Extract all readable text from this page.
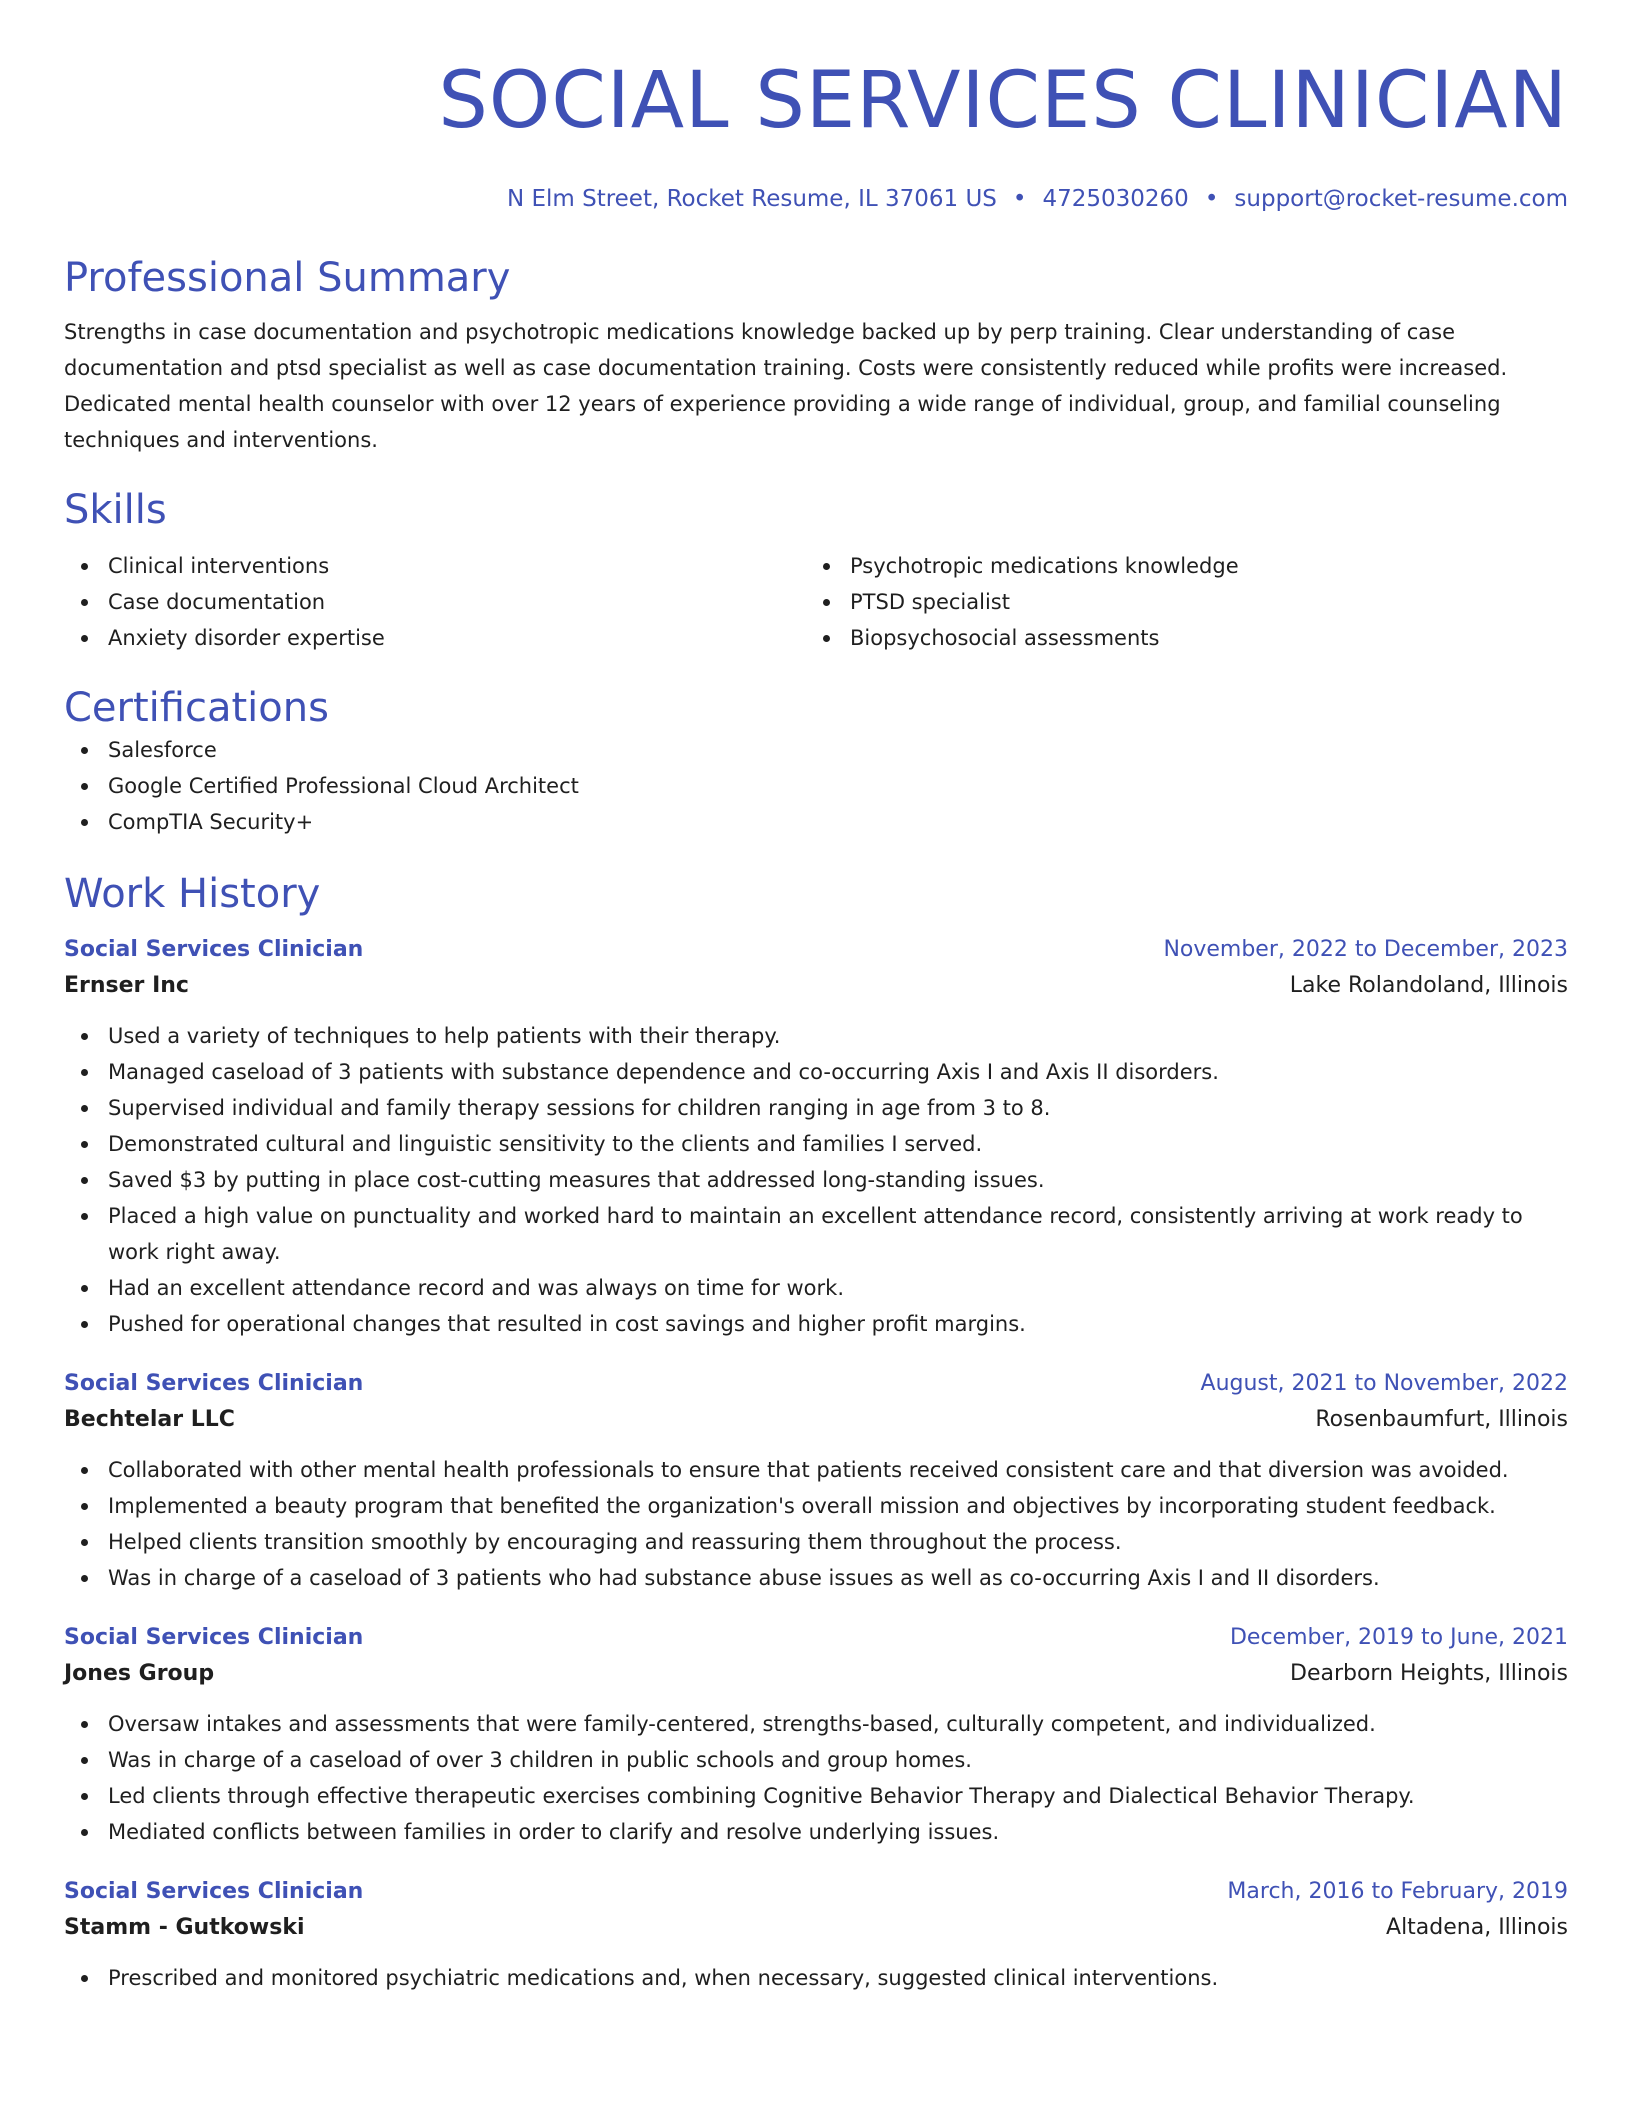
SOCIAL SERVICES CLINICIAN
N Elm Street, Rocket Resume, IL 37061 US • 4725030260 • support@rocket-resume.com
Professional Summary
Strengths in case documentation and psychotropic medications knowledge backed up by perp training. Clear understanding of case documentation and ptsd specialist as well as case documentation training. Costs were consistently reduced while profits were increased. Dedicated mental health counselor with over 12 years of experience providing a wide range of individual, group, and familial counseling techniques and interventions.
Skills
Clinical interventions
Case documentation
Anxiety disorder expertise
Psychotropic medications knowledge
PTSD specialist
Biopsychosocial assessments
Certifications
Salesforce
Google Certified Professional Cloud Architect
CompTIA Security+
Work History
Social Services Clinician	November, 2022 to December, 2023
Ernser Inc	Lake Rolandoland, Illinois
Used a variety of techniques to help patients with their therapy.
Managed caseload of 3 patients with substance dependence and co-occurring Axis I and Axis II disorders.
Supervised individual and family therapy sessions for children ranging in age from 3 to 8.
Demonstrated cultural and linguistic sensitivity to the clients and families I served.
Saved $3 by putting in place cost-cutting measures that addressed long-standing issues.
Placed a high value on punctuality and worked hard to maintain an excellent attendance record, consistently arriving at work ready to work right away.
Had an excellent attendance record and was always on time for work.
Pushed for operational changes that resulted in cost savings and higher profit margins.
Social Services Clinician	August, 2021 to November, 2022
Bechtelar LLC	Rosenbaumfurt, Illinois
Collaborated with other mental health professionals to ensure that patients received consistent care and that diversion was avoided.
Implemented a beauty program that benefited the organization's overall mission and objectives by incorporating student feedback.
Helped clients transition smoothly by encouraging and reassuring them throughout the process.
Was in charge of a caseload of 3 patients who had substance abuse issues as well as co-occurring Axis I and II disorders.
Social Services Clinician	December, 2019 to June, 2021
Jones Group	Dearborn Heights, Illinois
Oversaw intakes and assessments that were family-centered, strengths-based, culturally competent, and individualized.
Was in charge of a caseload of over 3 children in public schools and group homes.
Led clients through effective therapeutic exercises combining Cognitive Behavior Therapy and Dialectical Behavior Therapy.
Mediated conflicts between families in order to clarify and resolve underlying issues.
Social Services Clinician	March, 2016 to February, 2019
Stamm - Gutkowski	Altadena, Illinois
Prescribed and monitored psychiatric medications and, when necessary, suggested clinical interventions.
